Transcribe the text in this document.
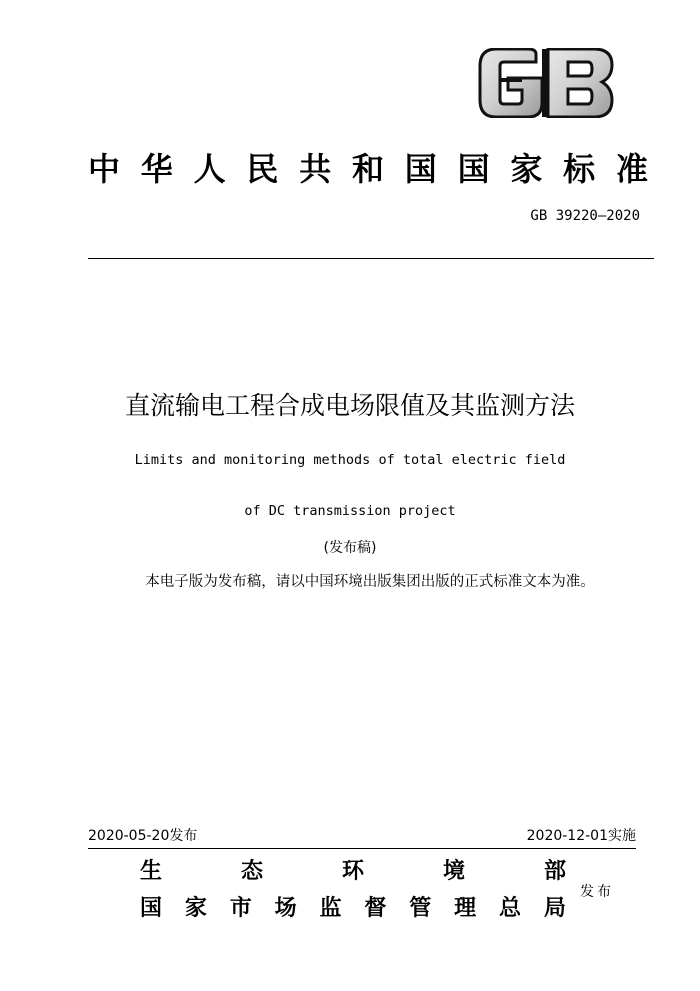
中 华 人 民 共 和 国 国 家 标 准
GB 39220—2020
直流输电工程合成电场限值及其监测方法
Limits and monitoring methods of total electric field
of DC transmission project
(发布稿)
本电子版为发布稿，请以中国环境出版集团出版的正式标准文本为准。
2020-05-20发布	2020-12-01实施
生	态	环	境	部
国 家 市 场 监 督 管 理 总 局
发布
